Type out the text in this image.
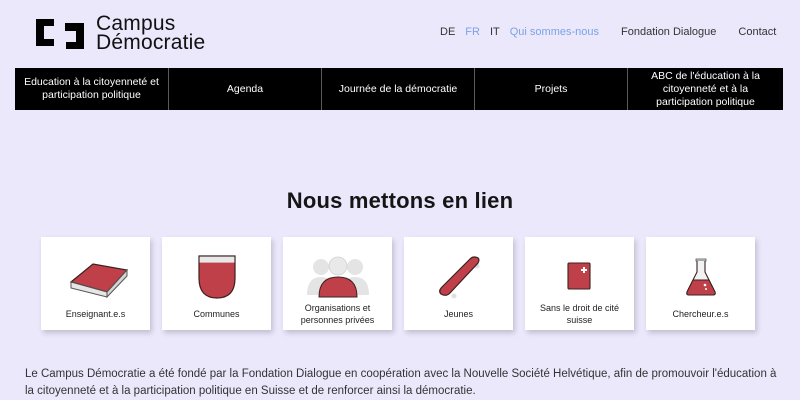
Campus
Démocratie	DE FR IT Qui sommes-nous Fondation Dialogue Contact
Education à la citoyenneté et participation politique
Agenda	Journée de la démocratie	Projets
ABC de l'éducation à la citoyenneté et à la participation politique
Nous mettons en lien
Enseignant.e.s	Communes
Organisations et personnes privées
Jeunes
Sans le droit de cité suisse
Chercheur.e.s

Le Campus Démocratie a été fondé par la Fondation Dialogue en coopération avec la Nouvelle Société Helvétique, afin de promouvoir l'éducation à la citoyenneté et à la participation politique en Suisse et de renforcer ainsi la démocratie.
